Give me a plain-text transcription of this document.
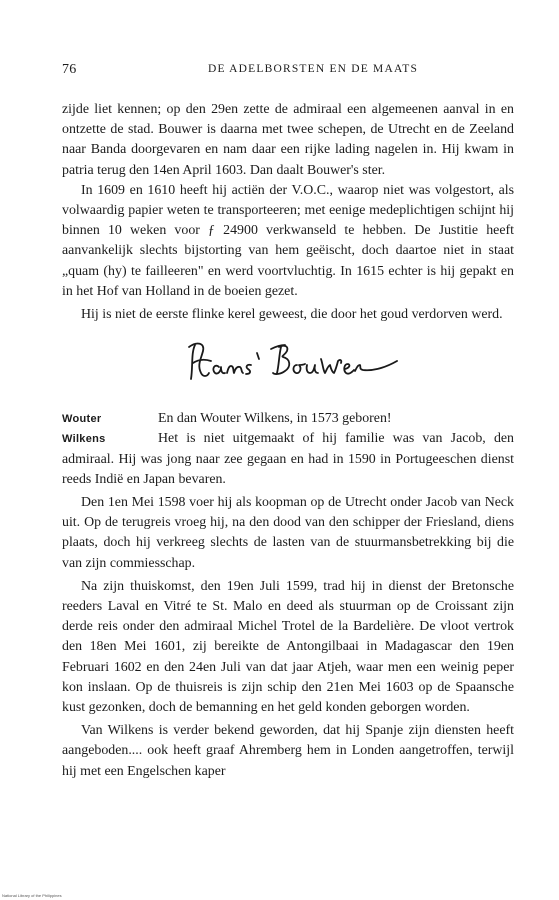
76	DE ADELBORSTEN EN DE MAATS

zijde liet kennen; op den 29en zette de admiraal een algemeenen aanval in en ontzette de stad. Bouwer is daarna met twee schepen, de Utrecht en de Zeeland naar Banda doorgevaren en nam daar een rijke lading nagelen in. Hij kwam in patria terug den 14en April 1603. Dan daalt Bouwer's ster.

In 1609 en 1610 heeft hij actiën der V.O.C., waarop niet was volgestort, als volwaardig papier weten te transporteeren; met eenige medeplichtigen schijnt hij binnen 10 weken voor ƒ 24900 verkwanseld te hebben. De Justitie heeft aanvankelijk slechts bijstorting van hem geëischt, doch daartoe niet in staat „quam (hy) te failleeren" en werd voortvluchtig. In 1615 echter is hij gepakt en in het Hof van Holland in de boeien gezet.

Hij is niet de eerste flinke kerel geweest, die door het goud verdorven werd.

Wouter
Wilkens

En dan Wouter Wilkens, in 1573 geboren!

Het is niet uitgemaakt of hij familie was van Jacob, den admiraal. Hij was jong naar zee gegaan en had in 1590 in Portugeeschen dienst reeds Indië en Japan bevaren.

Den 1en Mei 1598 voer hij als koopman op de Utrecht onder Jacob van Neck uit. Op de terugreis vroeg hij, na den dood van den schipper der Friesland, diens plaats, doch hij verkreeg slechts de lasten van de stuurmansbetrekking bij die van zijn commiesschap.

Na zijn thuiskomst, den 19en Juli 1599, trad hij in dienst der Bretonsche reeders Laval en Vitré te St. Malo en deed als stuurman op de Croissant zijn derde reis onder den admiraal Michel Trotel de la Bardelière. De vloot vertrok den 18en Mei 1601, zij bereikte de Antongilbaai in Madagascar den 19en Februari 1602 en den 24en Juli van dat jaar Atjeh, waar men een weinig peper kon inslaan. Op de thuisreis is zijn schip den 21en Mei 1603 op de Spaansche kust gezonken, doch de bemanning en het geld konden geborgen worden.

Van Wilkens is verder bekend geworden, dat hij Spanje zijn diensten heeft aangeboden.... ook heeft graaf Ahremberg hem in Londen aangetroffen, terwijl hij met een Engelschen kaper

National Library of the Philippines
